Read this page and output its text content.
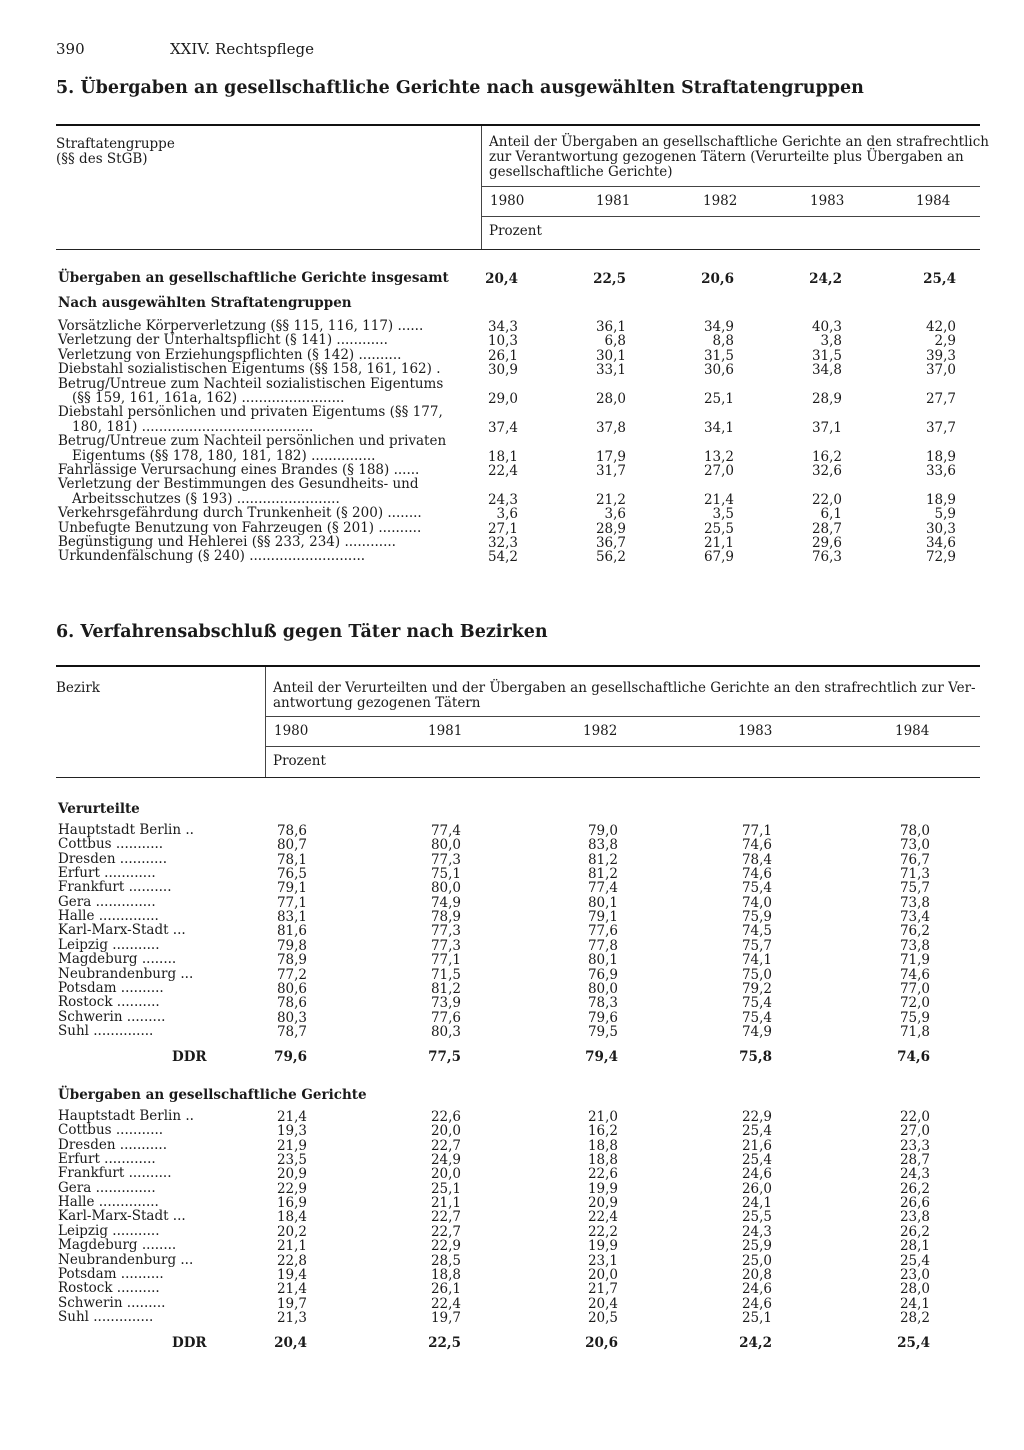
390	XXIV. Rechtspflege
5. Übergaben an gesellschaftliche Gerichte nach ausgewählten Straftatengruppen
Straftatengruppe
(§§ des StGB)
Anteil der Übergaben an gesellschaftliche Gerichte an den strafrechtlich
zur Verantwortung gezogenen Tätern (Verurteilte plus Übergaben an
gesellschaftliche Gerichte)
1980	1981	1982	1983	1984
Prozent
Übergaben an gesellschaftliche Gerichte insgesamt	20,4	22,5	20,6	24,2	25,4
Nach ausgewählten Straftatengruppen
Vorsätzliche Körperverletzung (§§ 115, 116, 117) ......	34,3	36,1	34,9	40,3	42,0
Verletzung der Unterhaltspflicht (§ 141) ............	10,3	6,8	8,8	3,8	2,9
Verletzung von Erziehungspflichten (§ 142) ..........	26,1	30,1	31,5	31,5	39,3
Diebstahl sozialistischen Eigentums (§§ 158, 161, 162) .	30,9	33,1	30,6	34,8	37,0
Betrug/Untreue zum Nachteil sozialistischen Eigentums
(§§ 159, 161, 161a, 162) ........................	29,0	28,0	25,1	28,9	27,7
Diebstahl persönlichen und privaten Eigentums (§§ 177,
180, 181) ........................................	37,4	37,8	34,1	37,1	37,7
Betrug/Untreue zum Nachteil persönlichen und privaten
Eigentums (§§ 178, 180, 181, 182) ...............	18,1	17,9	13,2	16,2	18,9
Fahrlässige Verursachung eines Brandes (§ 188) ......	22,4	31,7	27,0	32,6	33,6
Verletzung der Bestimmungen des Gesundheits- und
Arbeitsschutzes (§ 193) ........................	24,3	21,2	21,4	22,0	18,9
Verkehrsgefährdung durch Trunkenheit (§ 200) ........	3,6	3,6	3,5	6,1	5,9
Unbefugte Benutzung von Fahrzeugen (§ 201) ..........	27,1	28,9	25,5	28,7	30,3
Begünstigung und Hehlerei (§§ 233, 234) ............	32,3	36,7	21,1	29,6	34,6
Urkundenfälschung (§ 240) ...........................	54,2	56,2	67,9	76,3	72,9
6. Verfahrensabschluß gegen Täter nach Bezirken
Bezirk	Anteil der Verurteilten und der Übergaben an gesellschaftliche Gerichte an den strafrechtlich zur Ver-
antwortung gezogenen Tätern
1980	1981	1982	1983	1984
Prozent
Verurteilte
Hauptstadt Berlin ..	78,6	77,4	79,0	77,1	78,0
Cottbus ...........	80,7	80,0	83,8	74,6	73,0
Dresden ...........	78,1	77,3	81,2	78,4	76,7
Erfurt ............	76,5	75,1	81,2	74,6	71,3
Frankfurt ..........	79,1	80,0	77,4	75,4	75,7
Gera ..............	77,1	74,9	80,1	74,0	73,8
Halle ..............	83,1	78,9	79,1	75,9	73,4
Karl-Marx-Stadt ...	81,6	77,3	77,6	74,5	76,2
Leipzig ...........	79,8	77,3	77,8	75,7	73,8
Magdeburg ........	78,9	77,1	80,1	74,1	71,9
Neubrandenburg ...	77,2	71,5	76,9	75,0	74,6
Potsdam ..........	80,6	81,2	80,0	79,2	77,0
Rostock ..........	78,6	73,9	78,3	75,4	72,0
Schwerin .........	80,3	77,6	79,6	75,4	75,9
Suhl ..............	78,7	80,3	79,5	74,9	71,8
DDR	79,6	77,5	79,4	75,8	74,6
Übergaben an gesellschaftliche Gerichte
Hauptstadt Berlin ..	21,4	22,6	21,0	22,9	22,0
Cottbus ...........	19,3	20,0	16,2	25,4	27,0
Dresden ...........	21,9	22,7	18,8	21,6	23,3
Erfurt ............	23,5	24,9	18,8	25,4	28,7
Frankfurt ..........	20,9	20,0	22,6	24,6	24,3
Gera ..............	22,9	25,1	19,9	26,0	26,2
Halle ..............	16,9	21,1	20,9	24,1	26,6
Karl-Marx-Stadt ...	18,4	22,7	22,4	25,5	23,8
Leipzig ...........	20,2	22,7	22,2	24,3	26,2
Magdeburg ........	21,1	22,9	19,9	25,9	28,1
Neubrandenburg ...	22,8	28,5	23,1	25,0	25,4
Potsdam ..........	19,4	18,8	20,0	20,8	23,0
Rostock ..........	21,4	26,1	21,7	24,6	28,0
Schwerin .........	19,7	22,4	20,4	24,6	24,1
Suhl ..............	21,3	19,7	20,5	25,1	28,2
DDR	20,4	22,5	20,6	24,2	25,4
